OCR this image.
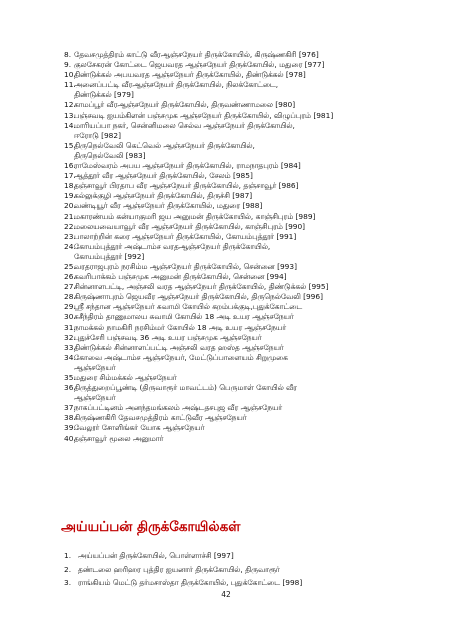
8. தேவசமுத்திரம் காட்டு வீரஆஞ்சநேயர் திருக்கோயில், கிருஷ்ணகிரி [976]
9. குலசேகரன் கோட்டை ஜெயவரத ஆஞ்சநேயர் திருக்கோயில், மதுரை [977]
10.
திண்டுக்கல் அபயவரத ஆஞ்சநேயர் திருக்கோயில், திண்டுக்கல் [978]
11.
அனைப்பட்டி வீரஆஞ்சநேயர் திருக்கோயில், நிலக்கோட்டை,
திண்டுக்கல் [979]
12.
காமப்பூர் வீரஆஞ்சநேயர் திருக்கோயில், திருவண்ணாமலை [980]
13.
பஞ்சவடி ஐயம்கிளன் பஞ்சமுக ஆஞ்சநேயர் திருக்கோயில், விழுப்புரம் [981]
14.
மாரியப்பா நகர், சென்னிமலை செல்வ ஆஞ்சநேயர் திருக்கோயில்,
ஈரோடு [982]
15.
திருநெல்வேலி கெட்வெல் ஆஞ்சநேயர் திருக்கோயில்,
திருநெல்வேலி [983]
16.
ராமேஸ்வரம் அபய ஆஞ்சநேயர் திருக்கோயில், ராமநாதபுரம் [984]
17.
ஆத்தூர் வீர ஆஞ்சநேயர் திருக்கோயில், சேலம் [985]
18.
தஞ்சாவூர் பிரதாப வீர ஆஞ்சநேயர் திருக்கோயில், தஞ்சாவூர் [986]
19.
கல்லுக்குழி ஆஞ்சநேயர் திருக்கோயில், திருச்சி [987]
20.
வண்டியூர் வீர ஆஞ்சநேயர் திருக்கோயில், மதுரை [988]
21.
மகாரண்யம் கன்யாகுமரி ஜய அனுமன் திருக்கோயில், காஞ்சிபுரம் [989]
22.
மலையவையாவூர் வீர ஆஞ்சநேயர் திருக்கோயில், காஞ்சிபுரம் [990]
23.
பாலாற்றின் கரை ஆஞ்சநேயர் திருக்கோயில், கோயம்புத்தூர் [991]
24.
கோயம்புத்தூர் அஷ்டாம்ச வரதஆஞ்சநேயர் திருக்கோயில்,
கோயம்புத்தூர் [992]
25.
வரதராஜபுரம் நரசிம்ம ஆஞ்சநேயர் திருக்கோயில், சென்னை [993]
26.
கவரிபாக்கம் பஞ்சமுக அனுமன் திருக்கோயில், சென்னை [994]
27.
சின்னாளபட்டி, அஞ்சலி வரத ஆஞ்சநேயர் திருக்கோயில், திண்டுக்கல் [995]
28.
கிருஷ்ணாபுரம் ஜெயவீர ஆஞ்சநேயர் திருக்கோயில், திருநெல்வேலி [996]
29.
ஸ்ரீ சந்தான ஆஞ்சநேயர் சுவாமி கோயில் கறம்பக்குடி,புதுக்கோட்டை
30.
சுசீந்திரம் தாணுமாலய சுவாமி கோயில் 18 அடி உயர ஆஞ்சநேயர்
31.
நாமக்கல் நாமகிரி நரசிம்மர் கோயில் 18 அடி உயர ஆஞ்சநேயர்
32.
புதுச்சேரி பஞ்சவடி 36 அடி உயர பஞ்சமுக ஆஞ்சநேயர்
33.
திண்டுக்கல் சின்னாளப்பட்டி அஞ்சலி வரத ஹஸ்த ஆஞ்சநேயர்
34.
கோவை அஷ்டாம்ச ஆஞ்சநேயர், மேட்டுப்பாளையம் சிறுமுகை
ஆஞ்சநேயர்
35.
மதுரை சிம்மக்கல் ஆஞ்சநேயர்
36.
திருத்துறைப்பூண்டி (திருவாரூர் மாவட்டம்) பெருமாள் கோயில் வீர
ஆஞ்சநேயர்
37.
நாகப்பட்டினம் அனந்தமங்கலம் அஷ்டதசபுஜ வீர ஆஞ்சநேயர்
38.
கிருஷ்ணகிரி தேவசமுத்திரம் காட்டுவீர ஆஞ்சநேயர்
39.
வேலூர் சோளிங்கர் யோக ஆஞ்சநேயர்
40.
தஞ்சாவூர் மூலை அனுமார்
அய்யப்பன் திருக்கோயில்கள்
1. அய்யப்பன் திருக்கோயில், பொள்ளாச்சி [997]
2. தண்டலை ஹரிஹர புத்திர ஐயனார் திருக்கோயில், திருவாரூர்
3. ராங்கியம் மெட்டு தர்மசாஸ்தா திருக்கோயில், புதுக்கோட்டை [998]
42
